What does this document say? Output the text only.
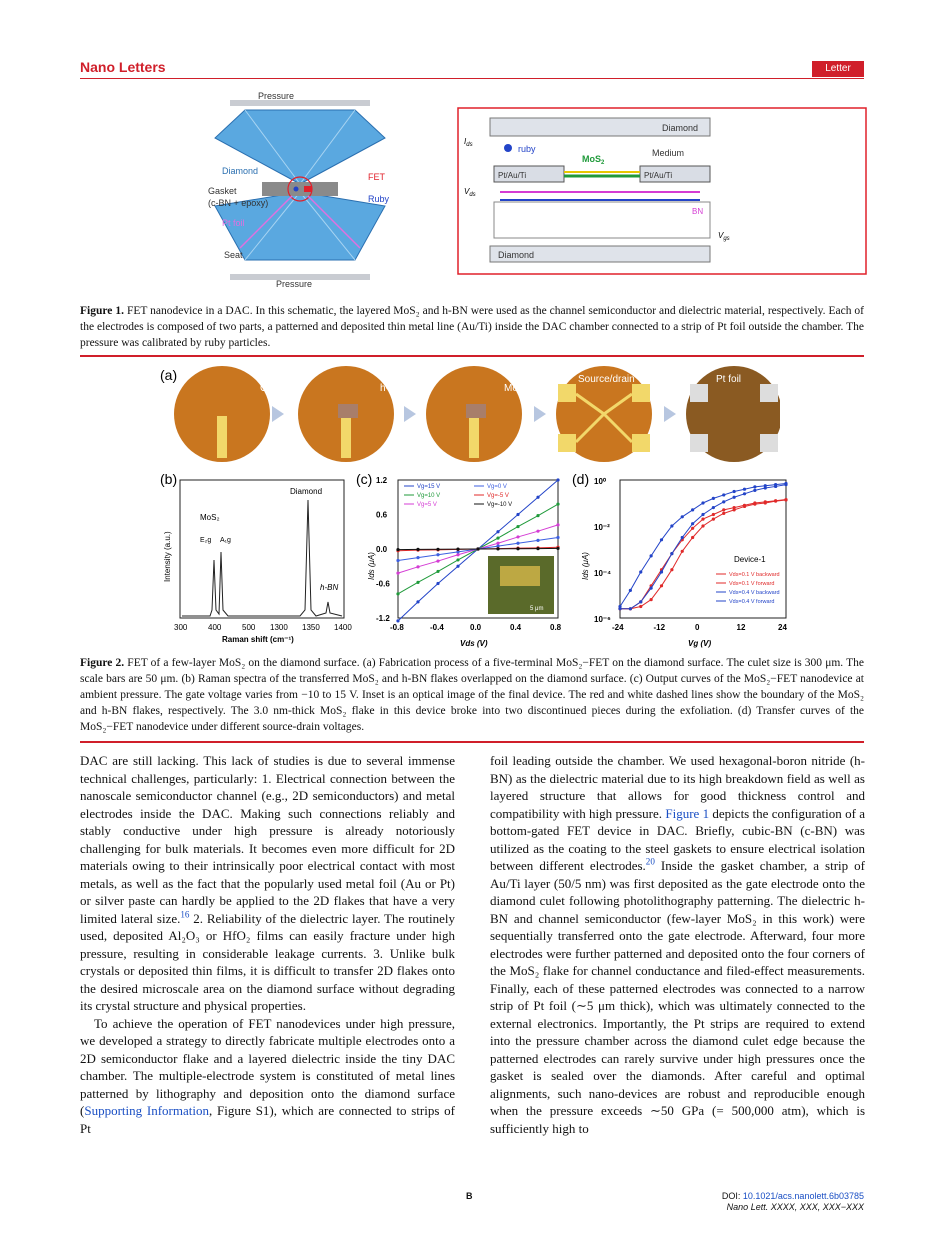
Nano Letters	Letter
Pressure
Pressure
Diamond
Gasket
(c-BN + epoxy)
Pt foil
Seat
FET
Ruby
ruby
Diamond
Medium
MoS$_2$
Pt/Au/Ti	Pt/Au/Ti
BN
Diamond
$I_{ds}$
$V_{ds}$
$V_{gs}$
Figure 1. FET nanodevice in a DAC. In this schematic, the layered MoS₂ and h-BN were used as the channel semiconductor and dielectric material, respectively. Each of the electrodes is composed of two parts, a patterned and deposited thin metal line (Au/Ti) inside the DAC chamber connected to a strip of Pt foil outside the chamber. The pressure was calibrated by ruby particles.
(a)
Gate	h-BN	MoS₂
Source/drain	Pt foil
(b)
MoS₂
E₂g A₁g
Diamond
h-BN
Intensity (a.u.)
Raman shift (cm⁻¹)
300	400	500 1300 1350 1400
(c)
5 μm
-0.8	-0.4	0.0	0.4	0.8
1.2
0.6
0.0
-0.6
-1.2
Vg=15 V
Vg=10 V
Vg=5 V
Vg=0 V
Vg=-5 V
Vg=-10 V
Ids (μA)
Vds (V)
(d)
-24	-12	0	12	24
10⁰
10⁻²
10⁻⁴
10⁻⁶
Vds=0.1 V backward
Vds=0.1 V forward
Vds=0.4 V backward
Vds=0.4 V forward
Device-1
Ids (μA)
Vg (V)
Figure 2. FET of a few-layer MoS₂ on the diamond surface. (a) Fabrication process of a five-terminal MoS₂−FET on the diamond surface. The culet size is 300 μm. The scale bars are 50 μm. (b) Raman spectra of the transferred MoS₂ and h-BN flakes overlapped on the diamond surface. (c) Output curves of the MoS₂−FET nanodevice at ambient pressure. The gate voltage varies from −10 to 15 V. Inset is an optical image of the final device. The red and white dashed lines show the boundary of the MoS₂ and h-BN flakes, respectively. The 3.0 nm-thick MoS₂ flake in this device broke into two discontinued pieces during the exfoliation. (d) Transfer curves of the MoS₂−FET nanodevice under different source-drain voltages.

DAC are still lacking. This lack of studies is due to several immense technical challenges, particularly: 1. Electrical connection between the nanoscale semiconductor channel (e.g., 2D semiconductors) and metal electrodes inside the DAC. Making such connections reliably and stably conductive under high pressure is already notoriously challenging for bulk materials. It becomes even more difficult for 2D materials owing to their intrinsically poor electrical contact with most metals, as well as the fact that the popularly used metal foil (Au or Pt) or silver paste can hardly be applied to the 2D flakes that have a very limited lateral size.$^{16}$ 2. Reliability of the dielectric layer. The routinely used, deposited Al₂O₃ or HfO₂ films can easily fracture under high pressure, resulting in considerable leakage currents. 3. Unlike bulk crystals or deposited thin films, it is difficult to transfer 2D flakes onto the desired microscale area on the diamond surface without degrading its crystal structure and physical properties.

To achieve the operation of FET nanodevices under high pressure, we developed a strategy to directly fabricate multiple electrodes onto a 2D semiconductor flake and a layered dielectric inside the tiny DAC chamber. The multiple-electrode system is constituted of metal lines patterned by lithography and deposition onto the diamond surface (Supporting Information, Figure S1), which are connected to strips of Pt

foil leading outside the chamber. We used hexagonal-boron nitride (h-BN) as the dielectric material due to its high breakdown field as well as layered structure that allows for good thickness control and compatibility with high pressure. Figure 1 depicts the configuration of a bottom-gated FET device in DAC. Briefly, cubic-BN (c-BN) was utilized as the coating to the steel gaskets to ensure electrical isolation between different electrodes.$^{20}$ Inside the gasket chamber, a strip of Au/Ti layer (50/5 nm) was first deposited as the gate electrode onto the diamond culet following photolithography patterning. The dielectric h-BN and channel semiconductor (few-layer MoS₂ in this work) were sequentially transferred onto the gate electrode. Afterward, four more electrodes were further patterned and deposited onto the four corners of the MoS₂ flake for channel conductance and filed-effect measurements. Finally, each of these patterned electrodes was connected to a narrow strip of Pt foil (∼5 μm thick), which was ultimately connected to the external electronics. Importantly, the Pt strips are required to extend into the pressure chamber across the diamond culet edge because the patterned electrodes can rarely survive under high pressures once the gasket is sealed over the diamonds. After careful and optimal alignments, such nano-devices are robust and reproducible enough when the pressure exceeds ∼50 GPa (= 500,000 atm), which is sufficiently high to

B	DOI: 10.1021/acs.nanolett.6b03785
Nano Lett. XXXX, XXX, XXX−XXX
